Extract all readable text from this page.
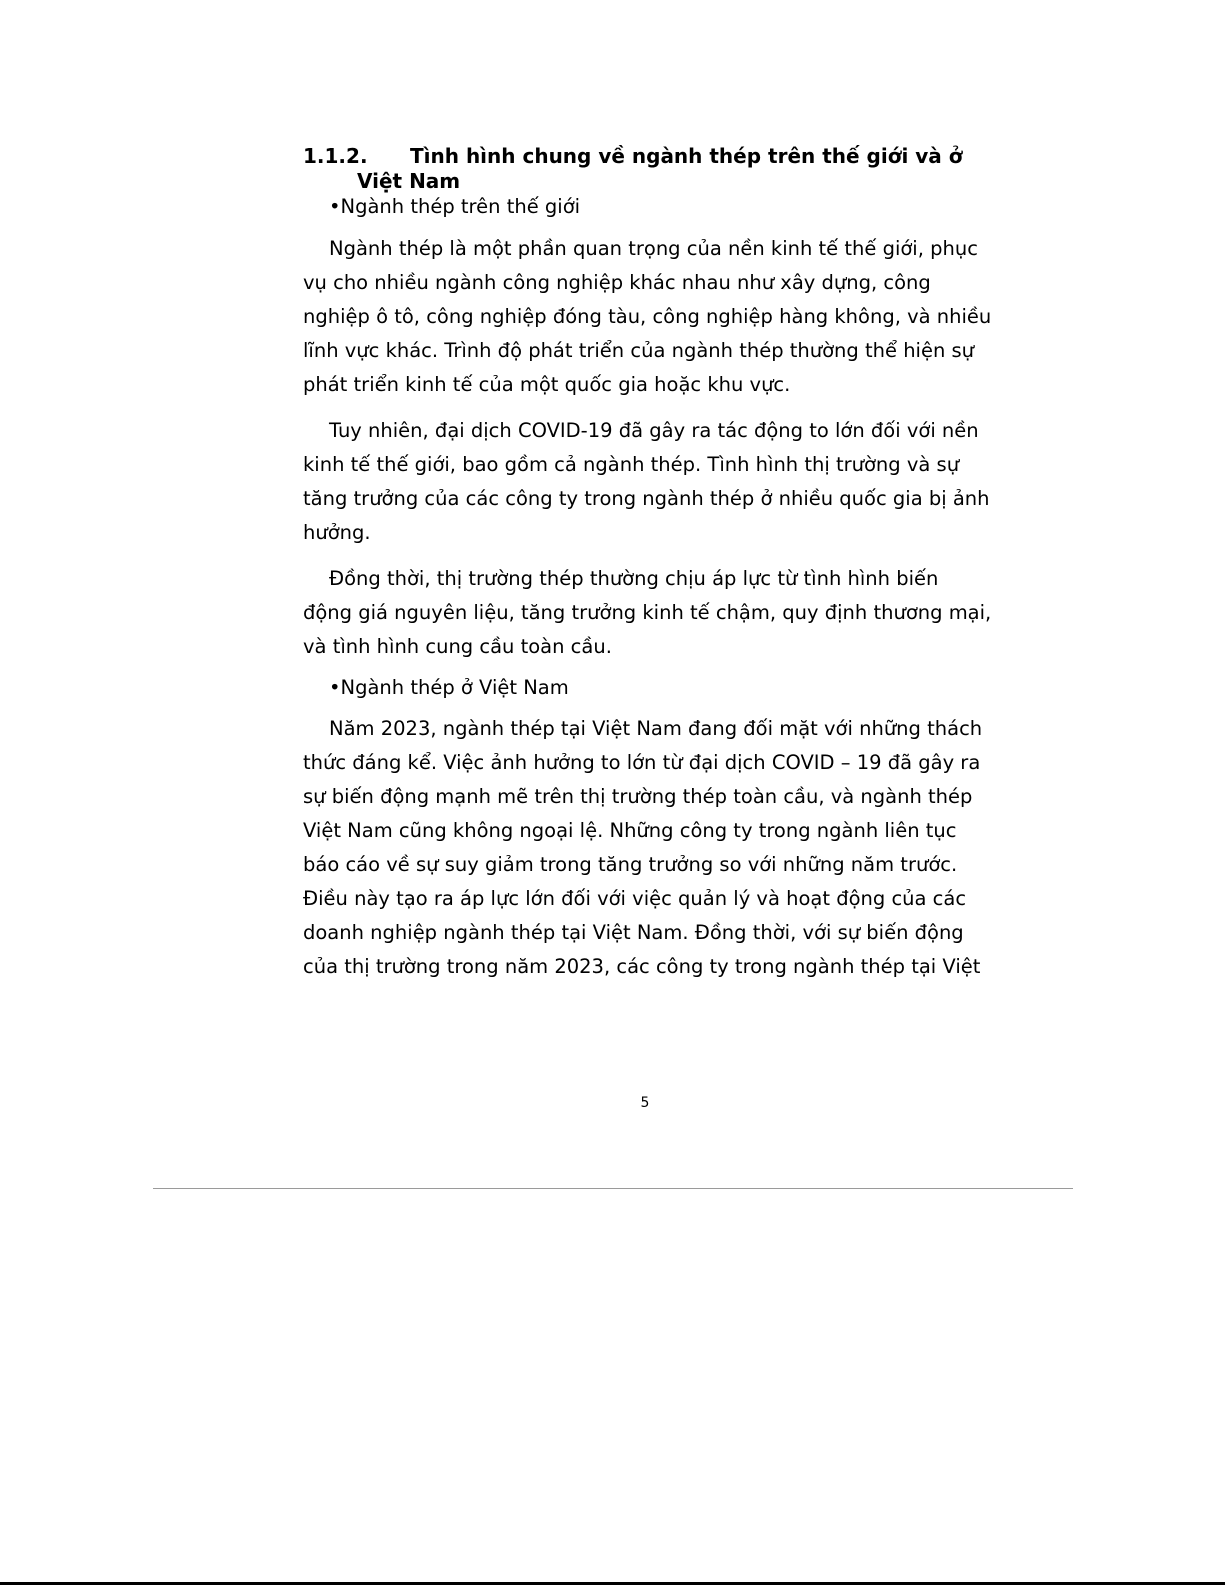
1.1.2. Tình hình chung về ngành thép trên thế giới và ở
Việt Nam

•Ngành thép trên thế giới

Ngành thép là một phần quan trọng của nền kinh tế thế giới, phục vụ cho nhiều ngành công nghiệp khác nhau như xây dựng, công nghiệp ô tô, công nghiệp đóng tàu, công nghiệp hàng không, và nhiều lĩnh vực khác. Trình độ phát triển của ngành thép thường thể hiện sự phát triển kinh tế của một quốc gia hoặc khu vực.

Tuy nhiên, đại dịch COVID-19 đã gây ra tác động to lớn đối với nền kinh tế thế giới, bao gồm cả ngành thép. Tình hình thị trường và sự tăng trưởng của các công ty trong ngành thép ở nhiều quốc gia bị ảnh hưởng.

Đồng thời, thị trường thép thường chịu áp lực từ tình hình biến động giá nguyên liệu, tăng trưởng kinh tế chậm, quy định thương mại, và tình hình cung cầu toàn cầu.

•Ngành thép ở Việt Nam

Năm 2023, ngành thép tại Việt Nam đang đối mặt với những thách thức đáng kể. Việc ảnh hưởng to lớn từ đại dịch COVID – 19 đã gây ra sự biến động mạnh mẽ trên thị trường thép toàn cầu, và ngành thép Việt Nam cũng không ngoại lệ. Những công ty trong ngành liên tục báo cáo về sự suy giảm trong tăng trưởng so với những năm trước. Điều này tạo ra áp lực lớn đối với việc quản lý và hoạt động của các doanh nghiệp ngành thép tại Việt Nam. Đồng thời, với sự biến động của thị trường trong năm 2023, các công ty trong ngành thép tại Việt

5
